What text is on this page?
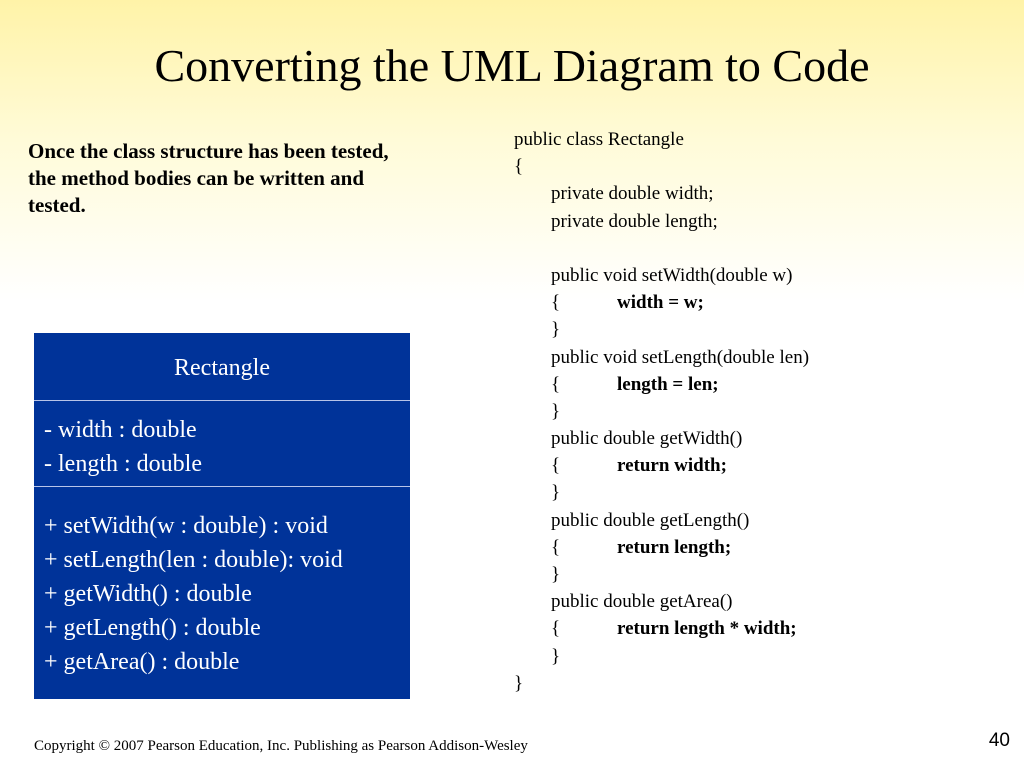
Converting the UML Diagram to Code
Once the class structure has been tested, the method bodies can be written and tested.
Rectangle
- width : double
- length : double
+ setWidth(w : double) : void
+ setLength(len : double): void
+ getWidth() : double
+ getLength() : double
+ getArea() : double
public class Rectangle
{
private double width;
private double length;
public void setWidth(double w)
{	width = w;
}
public void setLength(double len)
{	length = len;
}
public double getWidth()
{	return width;
}
public double getLength()
{	return length;
}
public double getArea()
{	return length * width;
}
}
Copyright © 2007 Pearson Education, Inc. Publishing as Pearson Addison-Wesley	40
